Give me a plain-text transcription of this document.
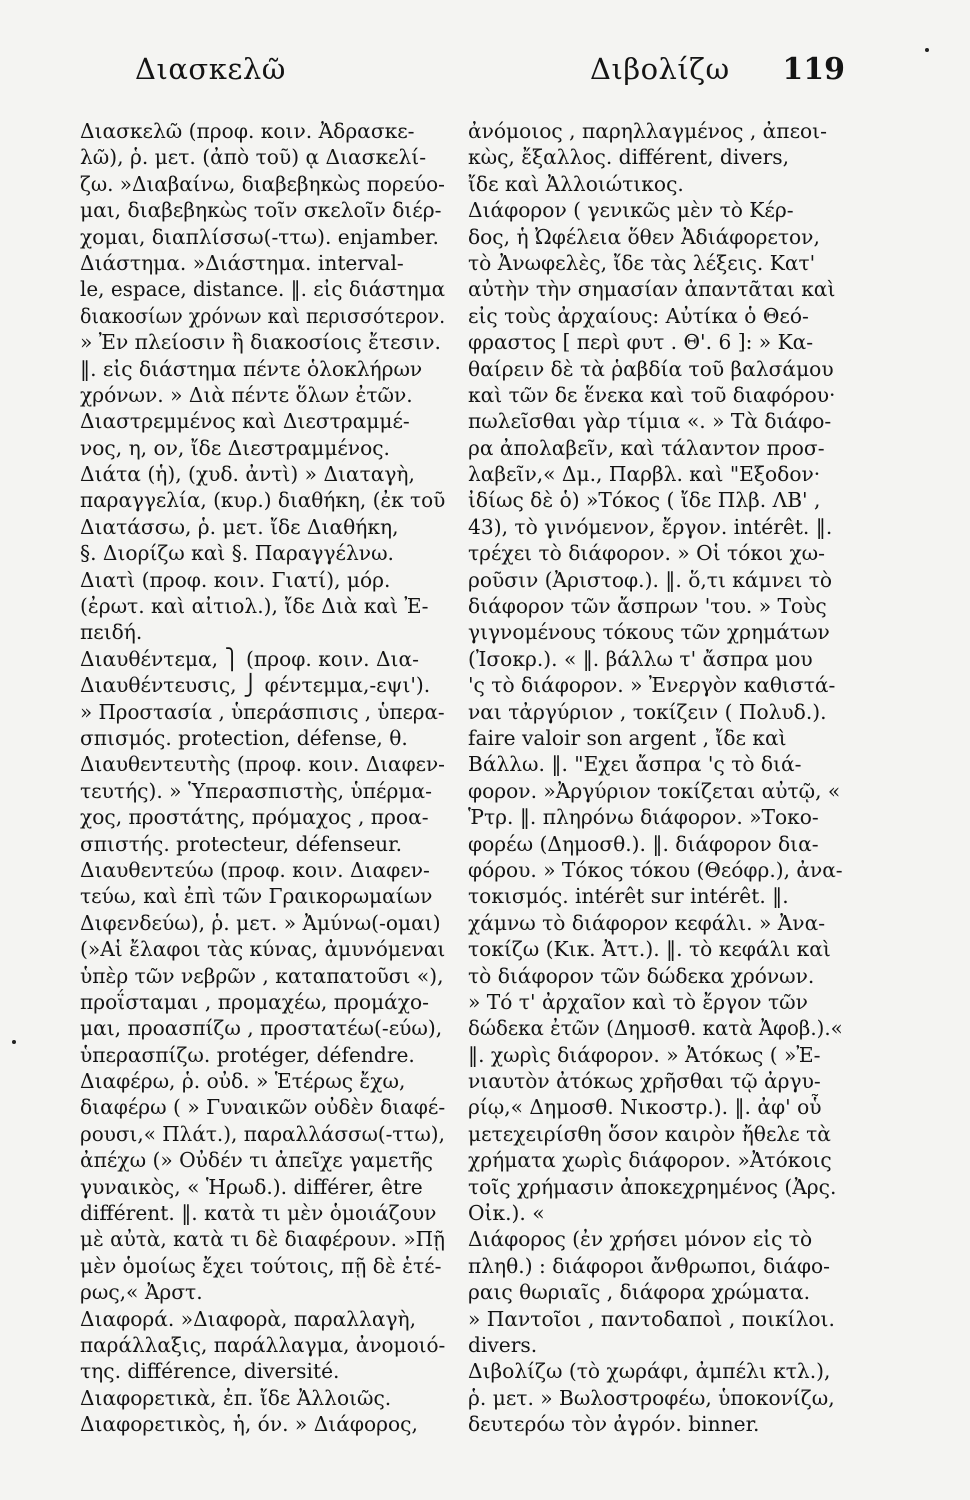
Διασκελῶ	Διβολίζω 119
Διασκελῶ (προφ. κοιν. Ἀδρασκε-
λῶ), ῥ. μετ. (ἀπὸ τοῦ) ᾳ Διασκελί-
ζω. »Διαβαίνω, διαβεβηκὼς πορεύο-
μαι, διαβεβηκὼς τοῖν σκελοῖν διέρ-
χομαι, διαπλίσσω(-ττω). enjamber.
Διάστημα. »Διάστημα. interval-
le, espace, distance. ‖. εἰς διάστημα
διακοσίων χρόνων καὶ περισσότερον.
» Ἐν πλείοσιν ἢ διακοσίοις ἔτεσιν.
‖. εἰς διάστημα πέντε ὁλοκλήρων
χρόνων. » Διὰ πέντε ὅλων ἐτῶν.
Διαστρεμμένος καὶ Διεστραμμέ-
νος, η, ον, ἴδε Διεστραμμένος.
Διάτα (ἡ), (χυδ. ἀντὶ) » Διαταγὴ,
παραγγελία, (κυρ.) διαθήκη, (ἐκ τοῦ
Διατάσσω, ῥ. μετ. ἴδε Διαθήκη,
§. Διορίζω καὶ §. Παραγγέλνω.
Διατὶ (προφ. κοιν. Γιατί), μόρ.
(ἐρωτ. καὶ αἰτιολ.), ἴδε Διὰ καὶ Ἐ-
πειδή.
Διαυθέντεμα, ⎫ (προφ. κοιν. Δια-
Διαυθέντευσις, ⎭ φέντεμμα,-εψι').
» Προστασία , ὑπεράσπισις , ὑπερα-
σπισμός. protection, défense, θ.
Διαυθεντευτὴς (προφ. κοιν. Διαφεν-
τευτής). » Ὑπερασπιστὴς, ὑπέρμα-
χος, προστάτης, πρόμαχος , προα-
σπιστής. protecteur, défenseur.
Διαυθεντεύω (προφ. κοιν. Διαφεν-
τεύω, καὶ ἐπὶ τῶν Γραικορωμαίων
Διφενδεύω), ῥ. μετ. » Ἀμύνω(-ομαι)
(»Αἱ ἔλαφοι τὰς κύνας, ἀμυνόμεναι
ὑπὲρ τῶν νεβρῶν , καταπατοῦσι «),
προΐσταμαι , προμαχέω, προμάχο-
μαι, προασπίζω , προστατέω(-εύω),
ὑπερασπίζω. protéger, défendre.
Διαφέρω, ῥ. οὐδ. » Ἑτέρως ἔχω,
διαφέρω ( » Γυναικῶν οὐδὲν διαφέ-
ρουσι,« Πλάτ.), παραλλάσσω(-ττω),
ἀπέχω (» Οὐδέν τι ἀπεῖχε γαμετῆς
γυναικὸς, « Ἡρωδ.). différer, être
différent. ‖. κατὰ τι μὲν ὁμοιάζουν
μὲ αὐτὰ, κατὰ τι δὲ διαφέρουν. »Πῇ
μὲν ὁμοίως ἔχει τούτοις, πῇ δὲ ἑτέ-
ρως,« Ἀρστ.
Διαφορά. »Διαφορὰ, παραλλαγὴ,
παράλλαξις, παράλλαγμα, ἀνομοιό-
της. différence, diversité.
Διαφορετικὰ, ἐπ. ἴδε Ἀλλοιῶς.
Διαφορετικὸς, ἡ, όν. » Διάφορος,
ἀνόμοιος , παρηλλαγμένος , ἀπεοι-
κὼς, ἔξαλλος. différent, divers,
ἴδε καὶ Ἀλλοιώτικος.
Διάφορον ( γενικῶς μὲν τὸ Κέρ-
δος, ἡ Ὠφέλεια ὅθεν Ἀδιάφορετον,
τὸ Ἀνωφελὲς, ἴδε τὰς λέξεις. Κατ'
αὐτὴν τὴν σημασίαν ἀπαντᾶται καὶ
εἰς τοὺς ἀρχαίους: Αὐτίκα ὁ Θεό-
φραστος [ περὶ φυτ . Θ'. 6 ]: » Κα-
θαίρειν δὲ τὰ ῥαβδία τοῦ βαλσάμου
καὶ τῶν δε ἕνεκα καὶ τοῦ διαφόρου·
πωλεῖσθαι γὰρ τίμια «. » Τὰ διάφο-
ρα ἀπολαβεῖν, καὶ τάλαντον προσ-
λαβεῖν,« Δμ., Παρβλ. καὶ "Εξοδον·
ἰδίως δὲ ὁ) »Τόκος ( ἴδε Πλβ. ΛΒ' ,
43), τὸ γινόμενον, ἔργον. intérêt. ‖.
τρέχει τὸ διάφορον. » Οἱ τόκοι χω-
ροῦσιν (Ἀριστοφ.). ‖. ὅ,τι κάμνει τὸ
διάφορον τῶν ἄσπρων 'του. » Τοὺς
γιγνομένους τόκους τῶν χρημάτων
(Ἰσοκρ.). « ‖. βάλλω τ' ἄσπρα μου
'ς τὸ διάφορον. » Ἐνεργὸν καθιστά-
ναι τἀργύριον , τοκίζειν ( Πολυδ.).
faire valoir son argent , ἴδε καὶ
Βάλλω. ‖. "Εχει ἄσπρα 'ς τὸ διά-
φορον. »Ἀργύριον τοκίζεται αὐτῷ, «
Ῥτρ. ‖. πληρόνω διάφορον. »Τοκο-
φορέω (Δημοσθ.). ‖. διάφορον δια-
φόρου. » Τόκος τόκου (Θεόφρ.), ἀνα-
τοκισμός. intérêt sur intérêt. ‖.
χάμνω τὸ διάφορον κεφάλι. » Ἀνα-
τοκίζω (Κικ. Ἀττ.). ‖. τὸ κεφάλι καὶ
τὸ διάφορον τῶν δώδεκα χρόνων.
» Τό τ' ἀρχαῖον καὶ τὸ ἔργον τῶν
δώδεκα ἐτῶν (Δημοσθ. κατὰ Ἀφοβ.).«
‖. χωρὶς διάφορον. » Ἀτόκως ( »Ἐ-
νιαυτὸν ἀτόκως χρῆσθαι τῷ ἀργυ-
ρίῳ,« Δημοσθ. Νικοστρ.). ‖. ἀφ' οὗ
μετεχειρίσθη ὅσον καιρὸν ἤθελε τὰ
χρήματα χωρὶς διάφορον. »Ἀτόκοις
τοῖς χρήμασιν ἀποκεχρημένος (Ἀρς.
Οἰκ.). «
Διάφορος (ἐν χρήσει μόνον εἰς τὸ
πληθ.) : διάφοροι ἄνθρωποι, διάφο-
ραις θωριαῖς , διάφορα χρώματα.
» Παντοῖοι , παντοδαποὶ , ποικίλοι.
divers.
Διβολίζω (τὸ χωράφι, ἀμπέλι κτλ.),
ῥ. μετ. » Βωλοστροφέω, ὑποκονίζω,
δευτερόω τὸν ἀγρόν. binner.
